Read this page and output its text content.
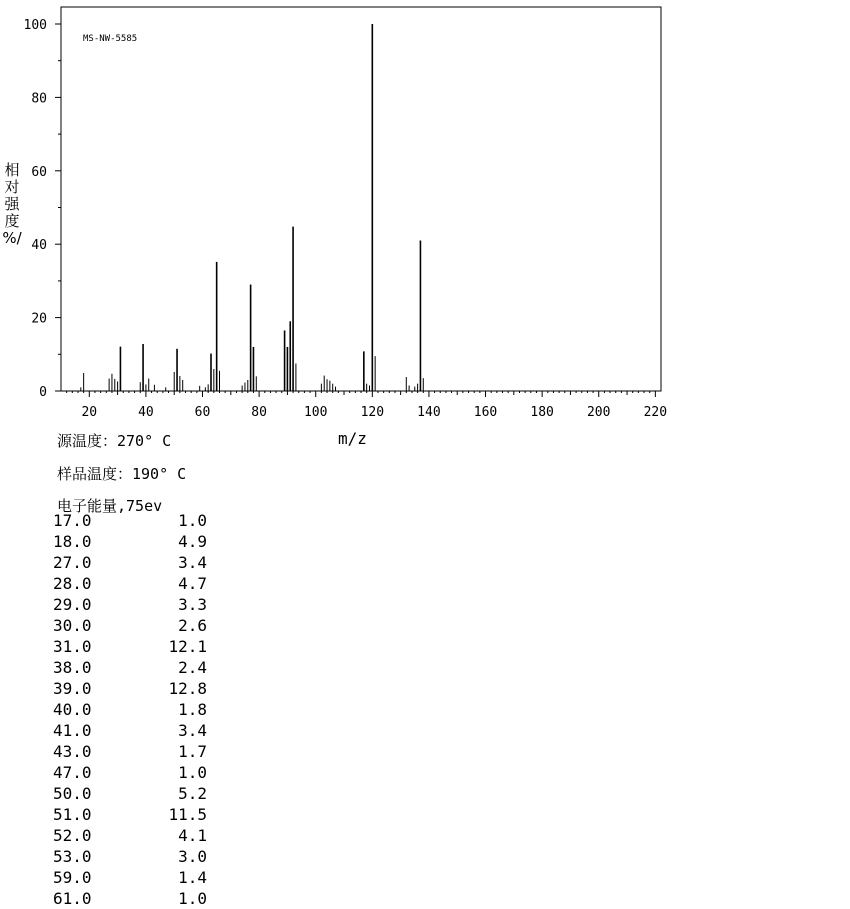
0
20
40
60
80
100
20	40	60	80	100	120	140	160	180	200	220
MS-NW-5585
相
对
强
度
%/
m/z
源温度：270° C
样品温度：190° C
电子能量,75ev
17.0	1.0
18.0	4.9
27.0	3.4
28.0	4.7
29.0	3.3
30.0	2.6
31.0	12.1
38.0	2.4
39.0	12.8
40.0	1.8
41.0	3.4
43.0	1.7
47.0	1.0
50.0	5.2
51.0	11.5
52.0	4.1
53.0	3.0
59.0	1.4
61.0	1.0
